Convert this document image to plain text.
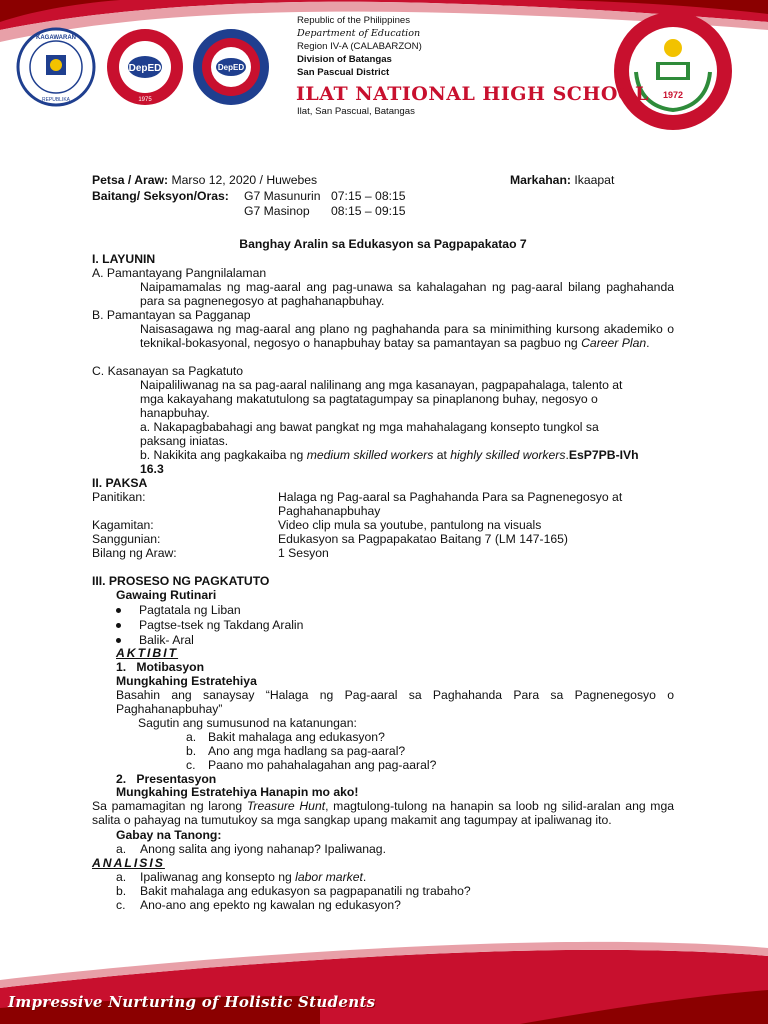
KAGAWARAN
REPUBLIKA
DepED
1975
DepED
1972
Republic of the Philippines
Department of Education
Region IV-A (CALABARZON)
Division of Batangas
San Pascual District
ILAT NATIONAL HIGH SCHOOL
Ilat, San Pascual, Batangas
Petsa / Araw: Marso 12, 2020 / Huwebes	Markahan: Ikaapat
Baitang/ Seksyon/Oras: G7 Masunurin 07:15 – 08:15
G7 Masinop 08:15 – 09:15
Banghay Aralin sa Edukasyon sa Pagpapakatao 7
I. LAYUNIN
A. Pamantayang Pangnilalaman
Naipamamalas ng mag-aaral ang pag-unawa sa kahalagahan ng pag-aaral bilang paghahanda para sa pagnenegosyo at paghahanapbuhay.
B. Pamantayan sa Pagganap
Naisasagawa ng mag-aaral ang plano ng paghahanda para sa minimithing kursong akademiko o teknikal-bokasyonal, negosyo o hanapbuhay batay sa pamantayan sa pagbuo ng Career Plan.
C. Kasanayan sa Pagkatuto
Naipaliliwanag na sa pag-aaral nalilinang ang mga kasanayan, pagpapahalaga, talento at
mga kakayahang makatutulong sa pagtatagumpay sa pinaplanong buhay, negosyo o
hanapbuhay.
a. Nakapagbabahagi ang bawat pangkat ng mga mahahalagang konsepto tungkol sa
paksang iniatas.
b. Nakikita ang pagkakaiba ng medium skilled workers at highly skilled workers.EsP7PB-IVh
16.3
II. PAKSA
Panitikan:	Halaga ng Pag-aaral sa Paghahanda Para sa Pagnenegosyo at
Paghahanapbuhay
Kagamitan:	Video clip mula sa youtube, pantulong na visuals
Sanggunian:	Edukasyon sa Pagpapakatao Baitang 7 (LM 147-165)
Bilang ng Araw:	1 Sesyon
III. PROSESO NG PAGKATUTO
Gawaing Rutinari
Pagtatala ng Liban
Pagtse-tsek ng Takdang Aralin
Balik- Aral
AKTIBIT
1.   Motibasyon
Mungkahing Estratehiya
Basahin ang sanaysay “Halaga ng Pag-aaral sa Paghahanda Para sa Pagnenegosyo o Paghahanapbuhay”
Sagutin ang sumusunod na katanungan:
a. Bakit mahalaga ang edukasyon?
b. Ano ang mga hadlang sa pag-aaral?
c. Paano mo pahahalagahan ang pag-aaral?
2.   Presentasyon
Mungkahing Estratehiya Hanapin mo ako!
Sa pamamagitan ng larong Treasure Hunt, magtulong-tulong na hanapin sa loob ng silid-aralan ang mga salita o pahayag na tumutukoy sa mga sangkap upang makamit ang tagumpay at ipaliwanag ito.
Gabay na Tanong:
a. Anong salita ang iyong nahanap? Ipaliwanag.
ANALISIS
a. Ipaliwanag ang konsepto ng labor market.
b. Bakit mahalaga ang edukasyon sa pagpapanatili ng trabaho?
c. Ano-ano ang epekto ng kawalan ng edukasyon?
Impressive Nurturing of Holistic Students
